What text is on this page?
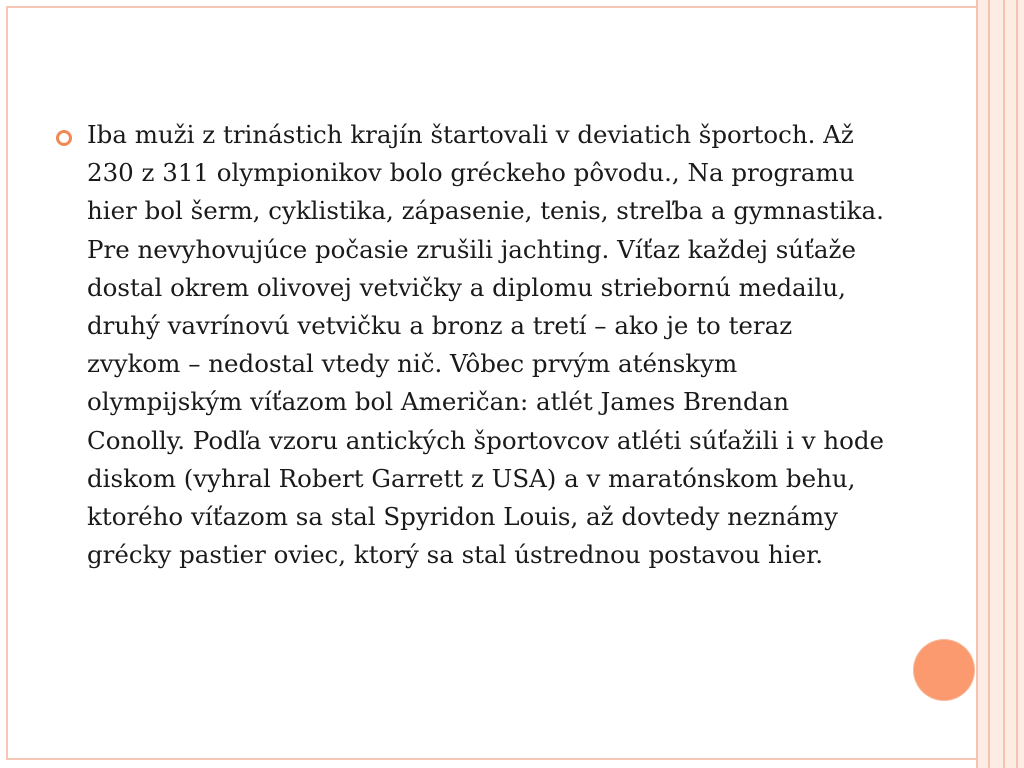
Iba muži z trinástich krajín štartovali v deviatich športoch. Až 230 z 311 olympionikov bolo gréckeho pôvodu., Na programu hier bol šerm, cyklistika, zápasenie, tenis, streľba a gymnastika. Pre nevyhovujúce počasie zrušili jachting. Víťaz každej súťaže dostal okrem olivovej vetvičky a diplomu striebornú medailu, druhý vavrínovú vetvičku a bronz a tretí – ako je to teraz zvykom – nedostal vtedy nič. Vôbec prvým aténskym olympijským víťazom bol Američan: atlét James Brendan Conolly. Podľa vzoru antických športovcov atléti súťažili i v hode diskom (vyhral Robert Garrett z USA) a v maratónskom behu, ktorého víťazom sa stal Spyridon Louis, až dovtedy neznámy grécky pastier oviec, ktorý sa stal ústrednou postavou hier.
